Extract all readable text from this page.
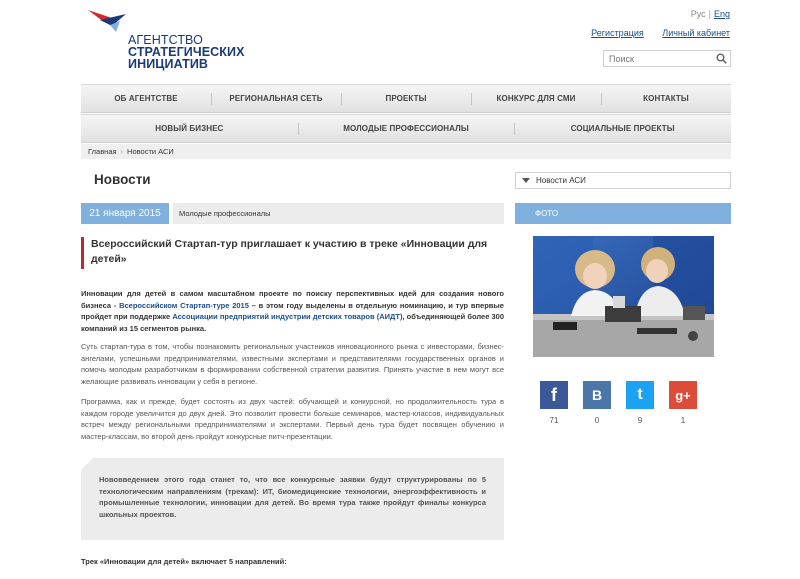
АГЕНТСТВО
СТРАТЕГИЧЕСКИХ
ИНИЦИАТИВ
Рус | Eng
Регистрация Личный кабинет
Поиск
ОБ АГЕНТСТВЕ	РЕГИОНАЛЬНАЯ СЕТЬ	ПРОЕКТЫ	КОНКУРС ДЛЯ СМИ	КОНТАКТЫ
НОВЫЙ БИЗНЕС	МОЛОДЫЕ ПРОФЕССИОНАЛЫ	СОЦИАЛЬНЫЕ ПРОЕКТЫ
Главная › Новости АСИ
Новости	Новости АСИ
21 января 2015	Молодые профессионалы	ФОТО
f
71
B
0
t
9
g+
1
Всероссийский Стартап-тур приглашает к участию в треке «Инновации для детей»
Инновации для детей в самом масштабном проекте по поиску перспективных идей для создания нового бизнеса - Всероссийском Стартап-туре 2015 – в этом году выделены в отдельную номинацию, и тур впервые пройдет при поддержке Ассоциации предприятий индустрии детских товаров (АИДТ), объединяющей более 300 компаний из 15 сегментов рынка.
Суть стартап-тура в том, чтобы познакомить региональных участников инновационного рынка с инвесторами, бизнес-ангелами, успешными предпринимателями, известными экспертами и представителями государственных органов и помочь молодым разработчикам в формировании собственной стратегии развития. Принять участие в нем могут все желающие развивать инновации у себя в регионе.
Программа, как и прежде, будет состоять из двух частей: обучающей и конкурсной, но продолжительность тура в каждом городе увеличится до двух дней. Это позволит провести больше семинаров, мастер-классов, индивидуальных встреч между региональными предпринимателями и экспертами. Первый день тура будет посвящен обучению и мастер-классам, во второй день пройдут конкурсные питч-презентации.
Нововведением этого года станет то, что все конкурсные заявки будут структурированы по 5 технологическим направлениям (трекам): ИТ, биомедицинские технологии, энергоэффективность и промышленные технологии, инновации для детей. Во время тура также пройдут финалы конкурса школьных проектов.
Трек «Инновации для детей» включает 5 направлений:
